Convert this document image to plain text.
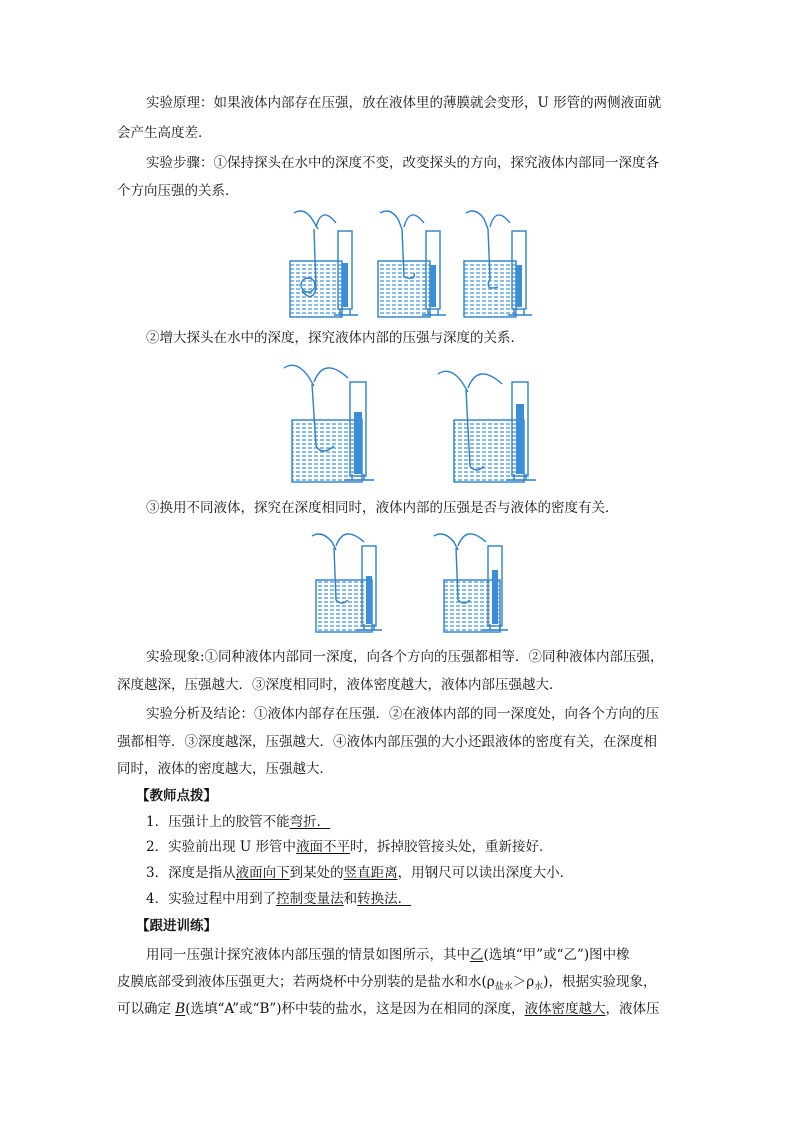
实验原理：如果液体内部存在压强，放在液体里的薄膜就会变形，U 形管的两侧液面就
会产生高度差．
实验步骤：①保持探头在水中的深度不变，改变探头的方向，探究液体内部同一深度各
个方向压强的关系．
②增大探头在水中的深度，探究液体内部的压强与深度的关系．
③换用不同液体，探究在深度相同时，液体内部的压强是否与液体的密度有关．
实验现象:①同种液体内部同一深度，向各个方向的压强都相等．②同种液体内部压强，
深度越深，压强越大．③深度相同时，液体密度越大，液体内部压强越大．
实验分析及结论：①液体内部存在压强．②在液体内部的同一深度处，向各个方向的压
强都相等．③深度越深，压强越大．④液体内部压强的大小还跟液体的密度有关，在深度相
同时，液体的密度越大，压强越大．
【教师点拨】
1．压强计上的胶管不能弯折．
2．实验前出现 U 形管中液面不平时，拆掉胶管接头处，重新接好．
3．深度是指从液面向下到某处的竖直距离，用钢尺可以读出深度大小．
4．实验过程中用到了控制变量法和转换法．
【跟进训练】
用同一压强计探究液体内部压强的情景如图所示，其中乙(选填“甲”或“乙”)图中橡
皮膜底部受到液体压强更大；若两烧杯中分别装的是盐水和水$(\rho_{盐水}>\rho_水)$，根据实验现象，
可以确定 B(选填“A”或“B”)杯中装的盐水，这是因为在相同的深度，液体密度越大，液体压
